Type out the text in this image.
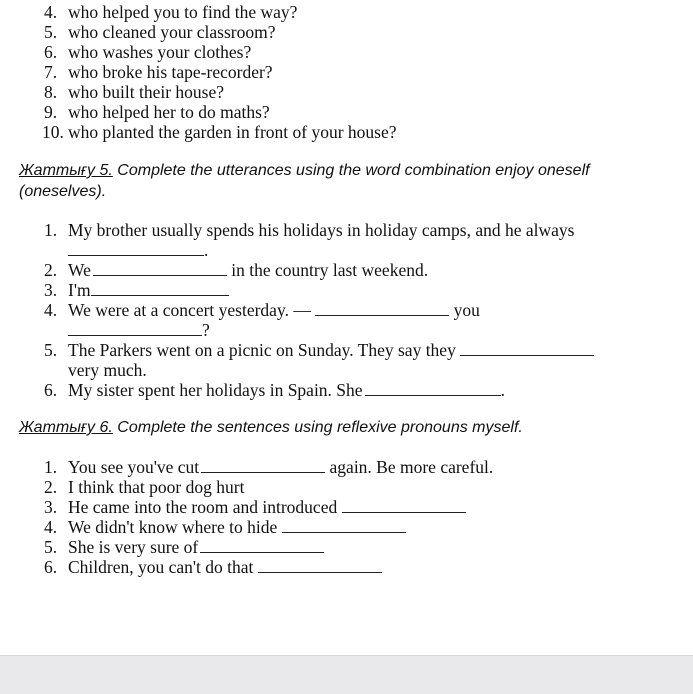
4. who helped you to find the way?
5. who cleaned your classroom?
6. who washes your clothes?
7. who broke his tape-recorder?
8. who built their house?
9. who helped her to do maths?
10. who planted the garden in front of your house?
Жаттығу 5. Complete the utterances using the word combination enjoy oneself
(oneselves).
1. My brother usually spends his holidays in holiday camps, and he always
.
2. We	in the country last weekend.
3. I'm
4. We were at a concert yesterday. —	you
?
5. The Parkers went on a picnic on Sunday. They say they
very much.
6. My sister spent her holidays in Spain. She	.
Жаттығу 6. Complete the sentences using reflexive pronouns myself.
1. You see you've cut	again. Be more careful.
2. I think that poor dog hurt
3. He came into the room and introduced
4. We didn't know where to hide
5. She is very sure of
6. Children, you can't do that
